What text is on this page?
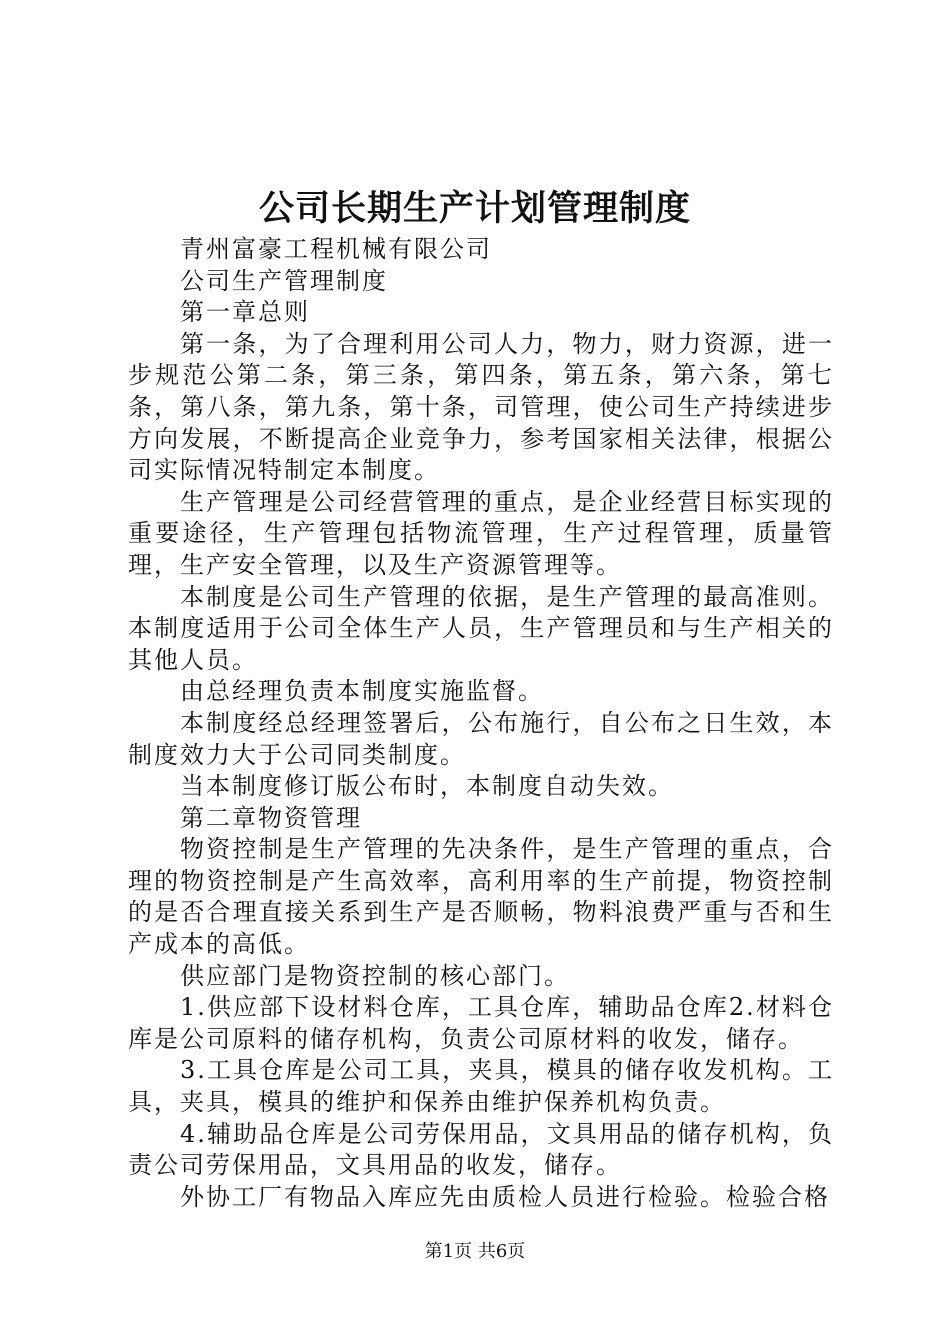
公司长期生产计划管理制度

青州富豪工程机械有限公司

公司生产管理制度

第一章总则

第一条，为了合理利用公司人力，物力，财力资源，进一步规范公第二条，第三条，第四条，第五条，第六条，第七条，第八条，第九条，第十条，司管理，使公司生产持续进步方向发展，不断提高企业竞争力，参考国家相关法律，根据公司实际情况特制定本制度。

生产管理是公司经营管理的重点，是企业经营目标实现的重要途径，生产管理包括物流管理，生产过程管理，质量管理，生产安全管理，以及生产资源管理等。

本制度是公司生产管理的依据，是生产管理的最高准则。本制度适用于公司全体生产人员，生产管理员和与生产相关的其他人员。

由总经理负责本制度实施监督。

本制度经总经理签署后，公布施行，自公布之日生效，本制度效力大于公司同类制度。

当本制度修订版公布时，本制度自动失效。

第二章物资管理

物资控制是生产管理的先决条件，是生产管理的重点，合理的物资控制是产生高效率，高利用率的生产前提，物资控制的是否合理直接关系到生产是否顺畅，物料浪费严重与否和生产成本的高低。

供应部门是物资控制的核心部门。

1.供应部下设材料仓库，工具仓库，辅助品仓库2.材料仓库是公司原料的储存机构，负责公司原材料的收发，储存。

3.工具仓库是公司工具，夹具，模具的储存收发机构。工具，夹具，模具的维护和保养由维护保养机构负责。

4.辅助品仓库是公司劳保用品，文具用品的储存机构，负责公司劳保用品，文具用品的收发，储存。

外协工厂有物品入库应先由质检人员进行检验。检验合格

第1页 共6页
